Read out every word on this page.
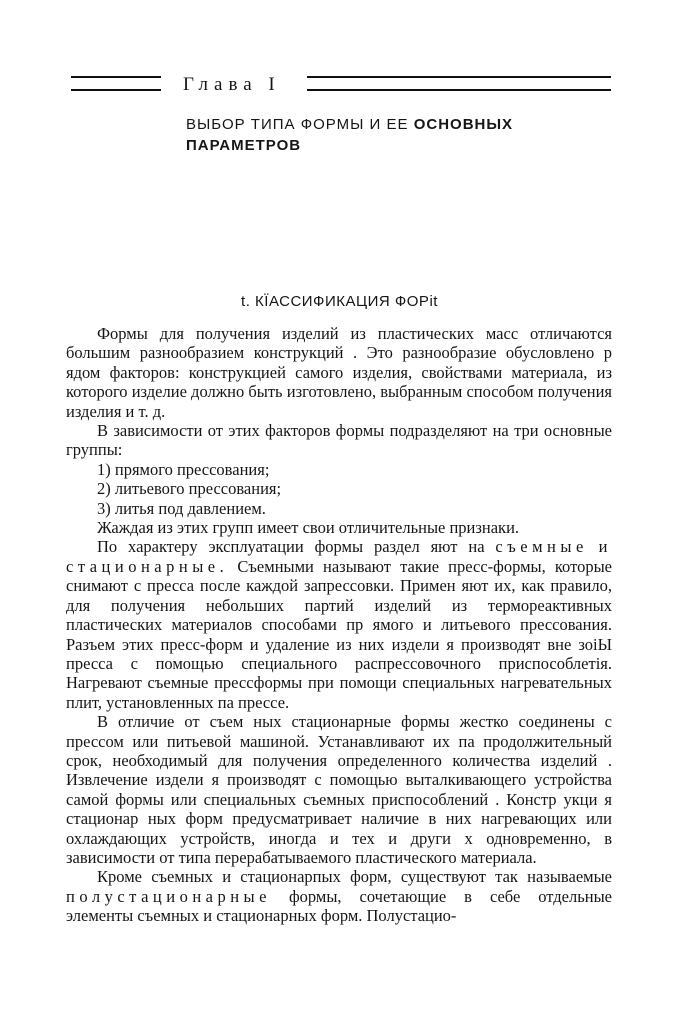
Глава I
ВЫБОР ТИПА ФОРМЫ И ЕЕ ОСНОВНЫХ
ПАРАМЕТРОВ
t. КЇАССИФИКАЦИЯ ФОРit

Формы для получения изделий из пластических масс отличаются большим разнообразием конструкций . Это разнообразие обусловлено р ядом факторов: конструкцией самого изделия, свойствами материала, из которого изделие должно быть изготовлено, выбранным способом получения изделия и т. д.

В зависимости от этих факторов формы подразделяют на три основные группы:

1) прямого прессования;

2) литьевого прессования;

3) литья под давлением.

Жаждая из этих групп имеет свои отличительные признаки.

По характеру эксплуатации формы раздел яют на съемные и стационарные. Съемными называют такие пресс-формы, которые снимают с пресса после каждой запрессовки. Примен яют их, как правило, для получения небольших партий изделий из термореактивных пластических материалов способами пр ямого и литьевого прессования. Разъем этих пресс-форм и удаление из них издели я производят вне зоiЫ пресса с помощью специального распрессовочного приспособлетiя. Нагревают съемные прессформы при помощи специальных нагревательных плит, установленных па прессе.

В отличие от съем ных стационарные формы жестко соединены с прессом или питьевой машиной. Устанавливают их па продолжительный срок, необходимый для получения определенного количества изделий . Извлечение издели я производят с помощью выталкивающего устройства самой формы или специальных съемных приспособлений . Констр укци я стационар ных форм предусматривает наличие в них нагревающих или охлаждающих устройств, иногда и тех и други х одновременно, в зависимости от типа перерабатываемого пластического материала.

Кроме съемных и стационарпых форм, существуют так называемые полустационарные формы, сочетающие в себе отдельные элементы съемных и стационарных форм. Полустацио-
